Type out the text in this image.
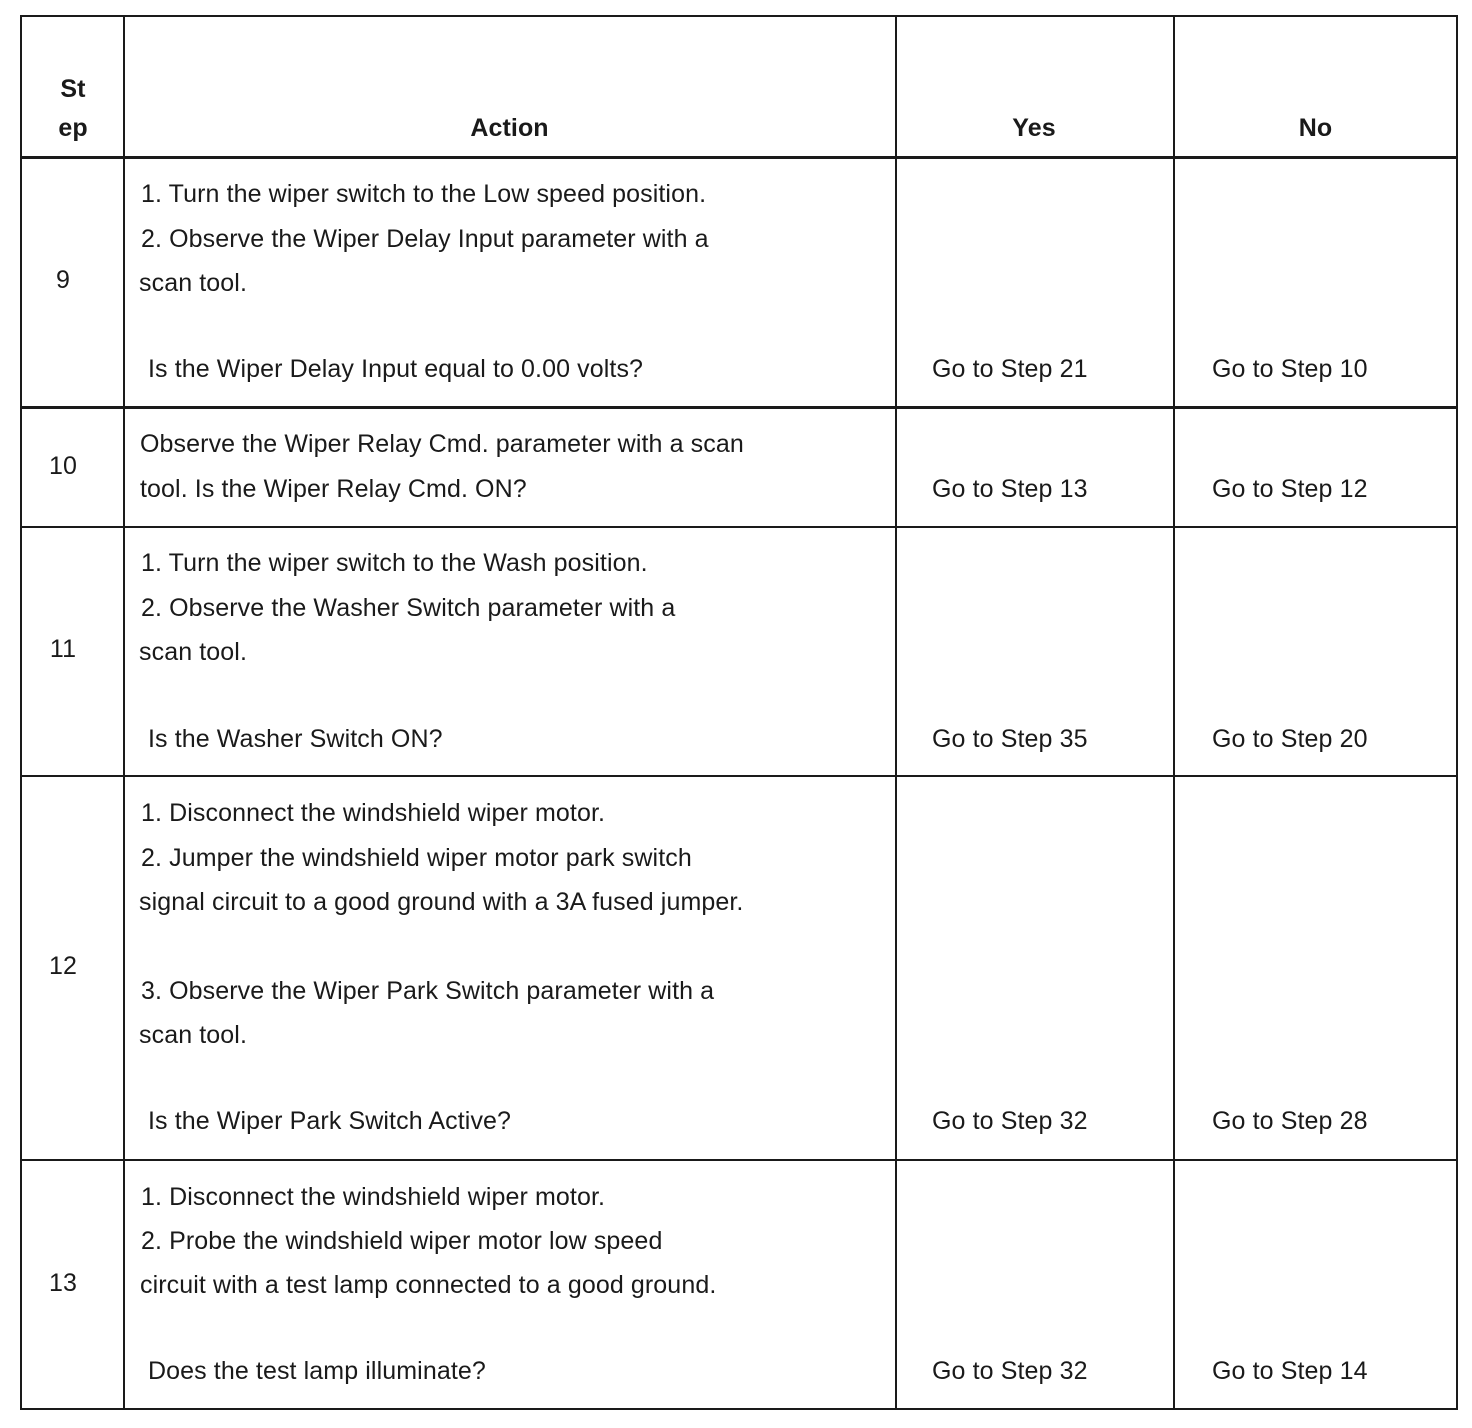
St
ep	Action	Yes	No
9
1. Turn the wiper switch to the Low speed position.
2. Observe the Wiper Delay Input parameter with a
scan tool.
Is the Wiper Delay Input equal to 0.00 volts?	Go to Step 21	Go to Step 10
10
Observe the Wiper Relay Cmd. parameter with a scan
tool. Is the Wiper Relay Cmd. ON?	Go to Step 13	Go to Step 12
11
1. Turn the wiper switch to the Wash position.
2. Observe the Washer Switch parameter with a
scan tool.
Is the Washer Switch ON?	Go to Step 35	Go to Step 20
12
1. Disconnect the windshield wiper motor.
2. Jumper the windshield wiper motor park switch
signal circuit to a good ground with a 3A fused jumper.
3. Observe the Wiper Park Switch parameter with a
scan tool.
Is the Wiper Park Switch Active?	Go to Step 32	Go to Step 28
13
1. Disconnect the windshield wiper motor.
2. Probe the windshield wiper motor low speed
circuit with a test lamp connected to a good ground.
Does the test lamp illuminate?	Go to Step 32	Go to Step 14
